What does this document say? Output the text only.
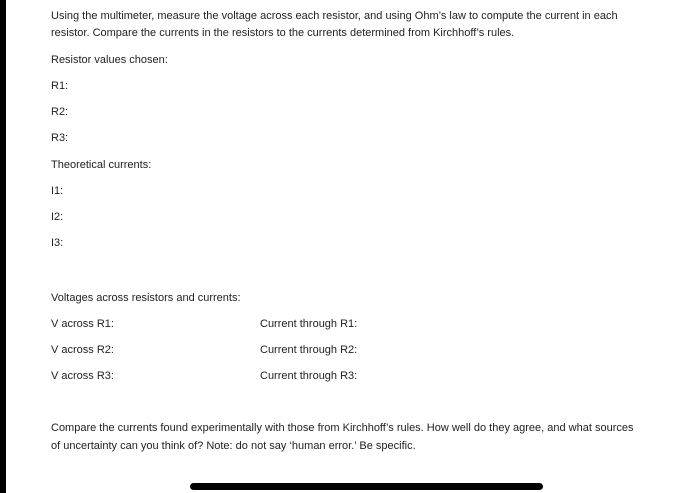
Using the multimeter, measure the voltage across each resistor, and using Ohm’s law to compute the current in each
resistor. Compare the currents in the resistors to the currents determined from Kirchhoff’s rules.
Resistor values chosen:
R1:
R2:
R3:
Theoretical currents:
I1:
I2:
I3:
Voltages across resistors and currents:
V across R1:	Current through R1:
V across R2:	Current through R2:
V across R3:	Current through R3:
Compare the currents found experimentally with those from Kirchhoff’s rules. How well do they agree, and what sources
of uncertainty can you think of? Note: do not say ‘human error.’ Be specific.
